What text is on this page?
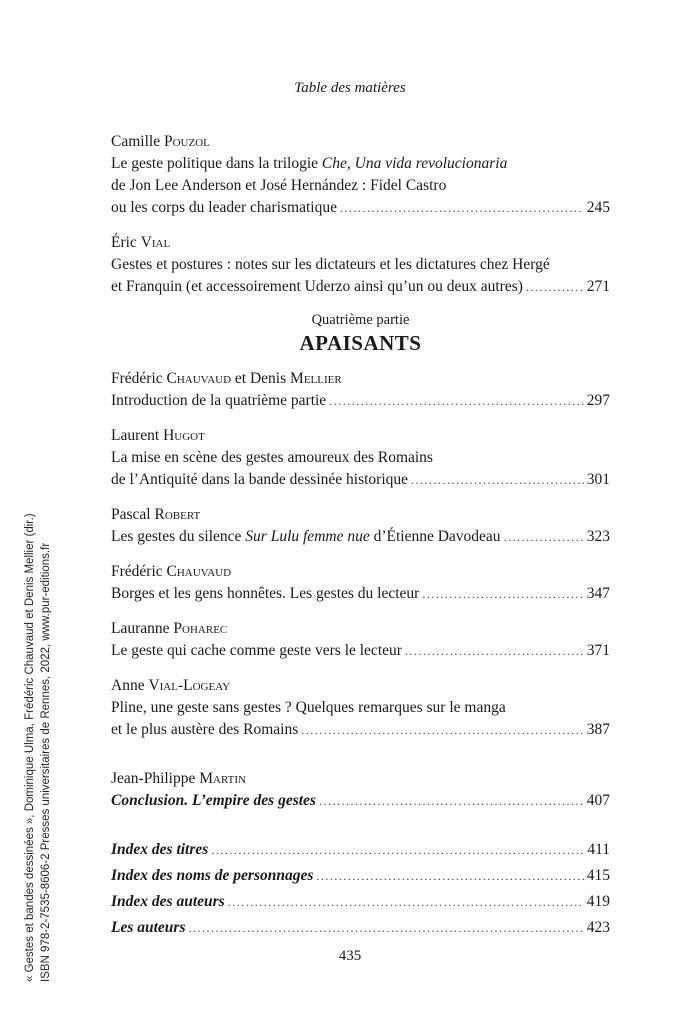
Table des matières
Camille Pouzol
Le geste politique dans la trilogie Che, Una vida revolucionaria
de Jon Lee Anderson et José Hernández : Fidel Castro
ou les corps du leader charismatique .....	245
Éric Vial
Gestes et postures : notes sur les dictateurs et les dictatures chez Hergé
et Franquin (et accessoirement Uderzo ainsi qu’un ou deux autres) .....	271
Quatrième partie
APAISANTS
Frédéric Chauvaud et Denis Mellier
Introduction de la quatrième partie .....	297
Laurent Hugot
La mise en scène des gestes amoureux des Romains
de l’Antiquité dans la bande dessinée historique .....	301
Pascal Robert
Les gestes du silence Sur Lulu femme nue d’Étienne Davodeau .....	323
Frédéric Chauvaud
Borges et les gens honnêtes. Les gestes du lecteur .....	347
Lauranne Poharec
Le geste qui cache comme geste vers le lecteur .....	371
Anne Vial-Logeay
Pline, une geste sans gestes ? Quelques remarques sur le manga
et le plus austère des Romains .....	387
Jean-Philippe Martin
Conclusion. L’empire des gestes .....	407
Index des titres .....	411
Index des noms de personnages .....	415
Index des auteurs .....	419
Les auteurs .....	423
435
« Gestes et bandes dessinées », Dominique Ulma, Frédéric Chauvaud et Denis Mellier (dir.) ISBN 978-2-7535-8606-2 Presses universitaires de Rennes, 2022, www.pur-editions.fr
